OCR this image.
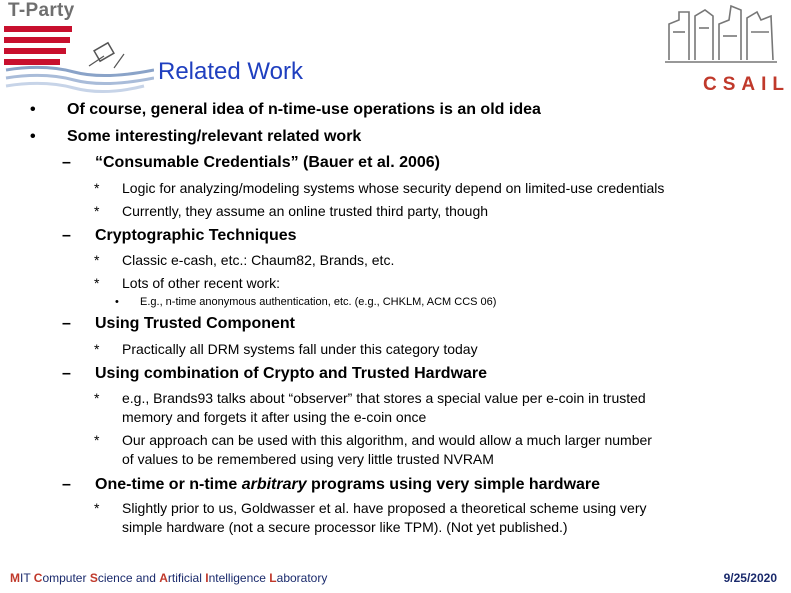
T-Party
Related Work	CSAIL
• Of course, general idea of n-time-use operations is an old idea
• Some interesting/relevant related work
– “Consumable Credentials” (Bauer et al. 2006)
* Logic for analyzing/modeling systems whose security depend on limited-use credentials
* Currently, they assume an online trusted third party, though
– Cryptographic Techniques
* Classic e-cash, etc.: Chaum82, Brands, etc.
* Lots of other recent work:
• E.g., n-time anonymous authentication, etc. (e.g., CHKLM, ACM CCS 06)
– Using Trusted Component
* Practically all DRM systems fall under this category today
– Using combination of Crypto and Trusted Hardware
* e.g., Brands93 talks about “observer” that stores a special value per e-coin in trusted
memory and forgets it after using the e-coin once
* Our approach can be used with this algorithm, and would allow a much larger number
of values to be remembered using very little trusted NVRAM
– One-time or n-time arbitrary programs using very simple hardware
* Slightly prior to us, Goldwasser et al. have proposed a theoretical scheme using very
simple hardware (not a secure processor like TPM). (Not yet published.)
MIT Computer Science and Artificial Intelligence Laboratory	9/25/2020
